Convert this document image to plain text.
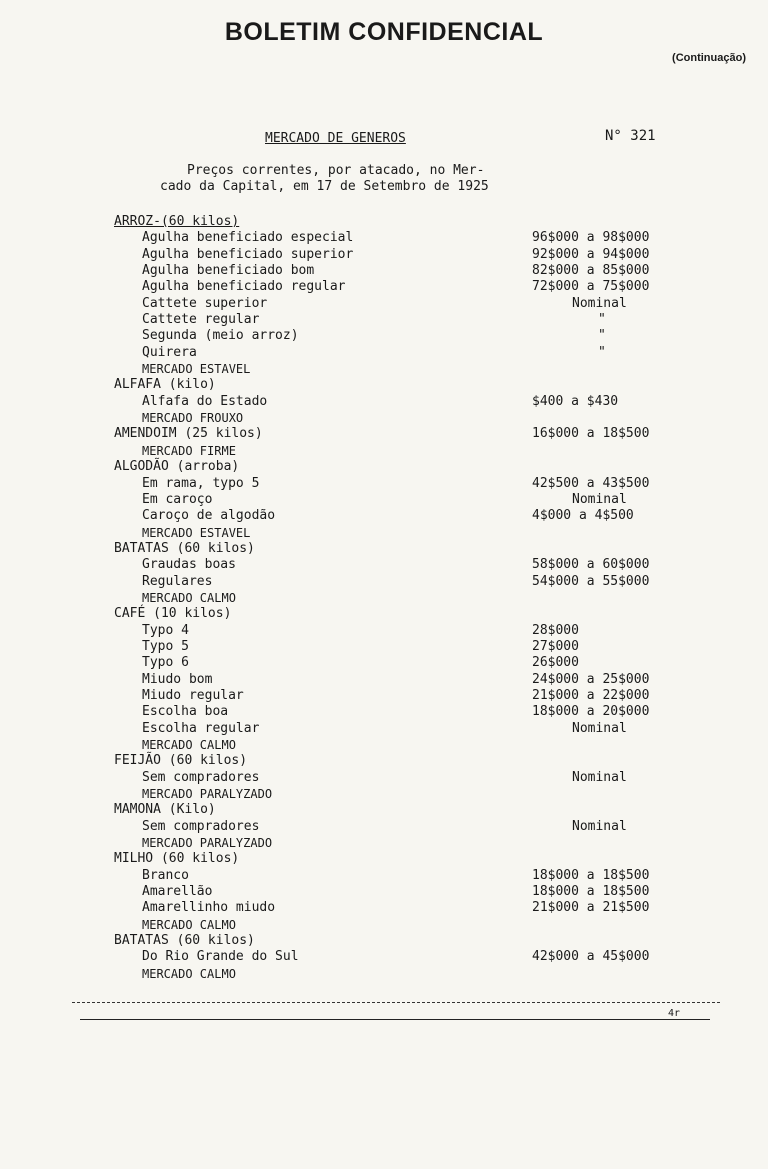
BOLETIM CONFIDENCIAL
(Continuação)
MERCADO DE GENEROS	N° 321
Preços correntes, por atacado, no Mer-
cado da Capital, em 17 de Setembro de 1925
ARROZ-(60 kilos)
Agulha beneficiado especial	96$000 a 98$000
Agulha beneficiado superior	92$000 a 94$000
Agulha beneficiado bom	82$000 a 85$000
Agulha beneficiado regular	72$000 a 75$000
Cattete superior	Nominal
Cattete regular	"
Segunda (meio arroz)	"
Quirera	"
MERCADO ESTAVEL
ALFAFA (kilo)
Alfafa do Estado	$400 a $430
MERCADO FROUXO
AMENDOIM (25 kilos)	16$000 a 18$500
MERCADO FIRME
ALGODÃO (arroba)
Em rama, typo 5	42$500 a 43$500
Em caroço	Nominal
Caroço de algodão	4$000 a 4$500
MERCADO ESTAVEL
BATATAS (60 kilos)
Graudas boas	58$000 a 60$000
Regulares	54$000 a 55$000
MERCADO CALMO
CAFÉ (10 kilos)
Typo 4	28$000
Typo 5	27$000
Typo 6	26$000
Miudo bom	24$000 a 25$000
Miudo regular	21$000 a 22$000
Escolha boa	18$000 a 20$000
Escolha regular	Nominal
MERCADO CALMO
FEIJÃO (60 kilos)
Sem compradores	Nominal
MERCADO PARALYZADO
MAMONA (Kilo)
Sem compradores	Nominal
MERCADO PARALYZADO
MILHO (60 kilos)
Branco	18$000 a 18$500
Amarellão	18$000 a 18$500
Amarellinho miudo	21$000 a 21$500
MERCADO CALMO
BATATAS (60 kilos)
Do Rio Grande do Sul	42$000 a 45$000
MERCADO CALMO
4r
